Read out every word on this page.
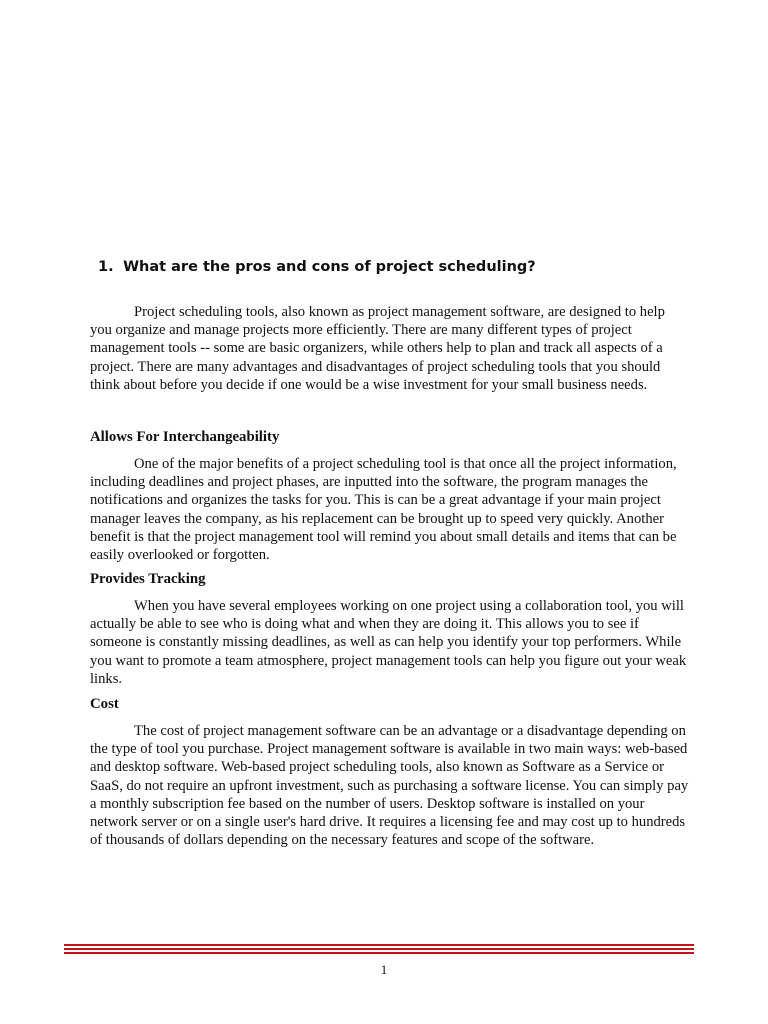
1. What are the pros and cons of project scheduling?

Project scheduling tools, also known as project management software, are designed to help you organize and manage projects more efficiently. There are many different types of project management tools -- some are basic organizers, while others help to plan and track all aspects of a project. There are many advantages and disadvantages of project scheduling tools that you should think about before you decide if one would be a wise investment for your small business needs.

Allows For Interchangeability

One of the major benefits of a project scheduling tool is that once all the project information, including deadlines and project phases, are inputted into the software, the program manages the notifications and organizes the tasks for you. This is can be a great advantage if your main project manager leaves the company, as his replacement can be brought up to speed very quickly. Another benefit is that the project management tool will remind you about small details and items that can be easily overlooked or forgotten.

Provides Tracking

When you have several employees working on one project using a collaboration tool, you will actually be able to see who is doing what and when they are doing it. This allows you to see if someone is constantly missing deadlines, as well as can help you identify your top performers. While you want to promote a team atmosphere, project management tools can help you figure out your weak links.

Cost

The cost of project management software can be an advantage or a disadvantage depending on the type of tool you purchase. Project management software is available in two main ways: web-based and desktop software. Web-based project scheduling tools, also known as Software as a Service or SaaS, do not require an upfront investment, such as purchasing a software license. You can simply pay a monthly subscription fee based on the number of users. Desktop software is installed on your network server or on a single user's hard drive. It requires a licensing fee and may cost up to hundreds of thousands of dollars depending on the necessary features and scope of the software.

1
